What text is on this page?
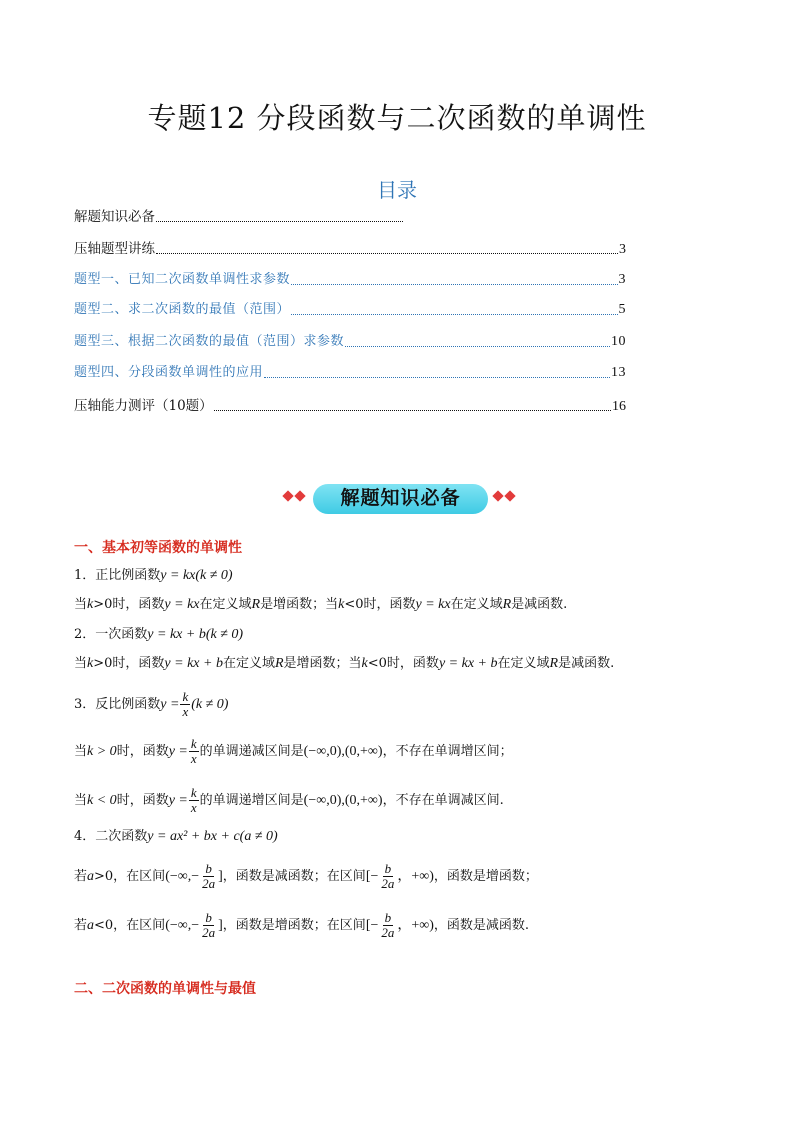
专题12 分段函数与二次函数的单调性
目录
解题知识必备
压轴题型讲练	3
题型一、已知二次函数单调性求参数	3
题型二、求二次函数的最值（范围）	5
题型三、根据二次函数的最值（范围）求参数	10
题型四、分段函数单调性的应用	13
压轴能力测评（10题）	16
解题知识必备
一、基本初等函数的单调性
1．正比例函数y = kx(k ≠ 0)
当k>0时，函数y = kx在定义域R是增函数；当k<0时，函数y = kx在定义域R是减函数.
2．一次函数y = kx + b(k ≠ 0)
当k>0时，函数y = kx + b在定义域R是增函数；当k<0时，函数y = kx + b在定义域R是减函数.
3．反比例函数$y = \frac{k}{x} (k \ne 0)$
当k > 0时，函数$y = \frac{k}{x}$ 的单调递减区间是(−∞,0),(0,+∞)，不存在单调增区间；
当k < 0时，函数$y = \frac{k}{x}$ 的单调递增区间是(−∞,0),(0,+∞)，不存在单调减区间.
4．二次函数y = ax² + bx + c(a ≠ 0)
若a>0，在区间(−∞,− $\frac{b}{2a}$ ]，函数是减函数；在区间[− $\frac{b}{2a}$ ，+∞)，函数是增函数；
若a<0，在区间(−∞,− $\frac{b}{2a}$ ]，函数是增函数；在区间[− $\frac{b}{2a}$ ，+∞)，函数是减函数.
二、二次函数的单调性与最值
